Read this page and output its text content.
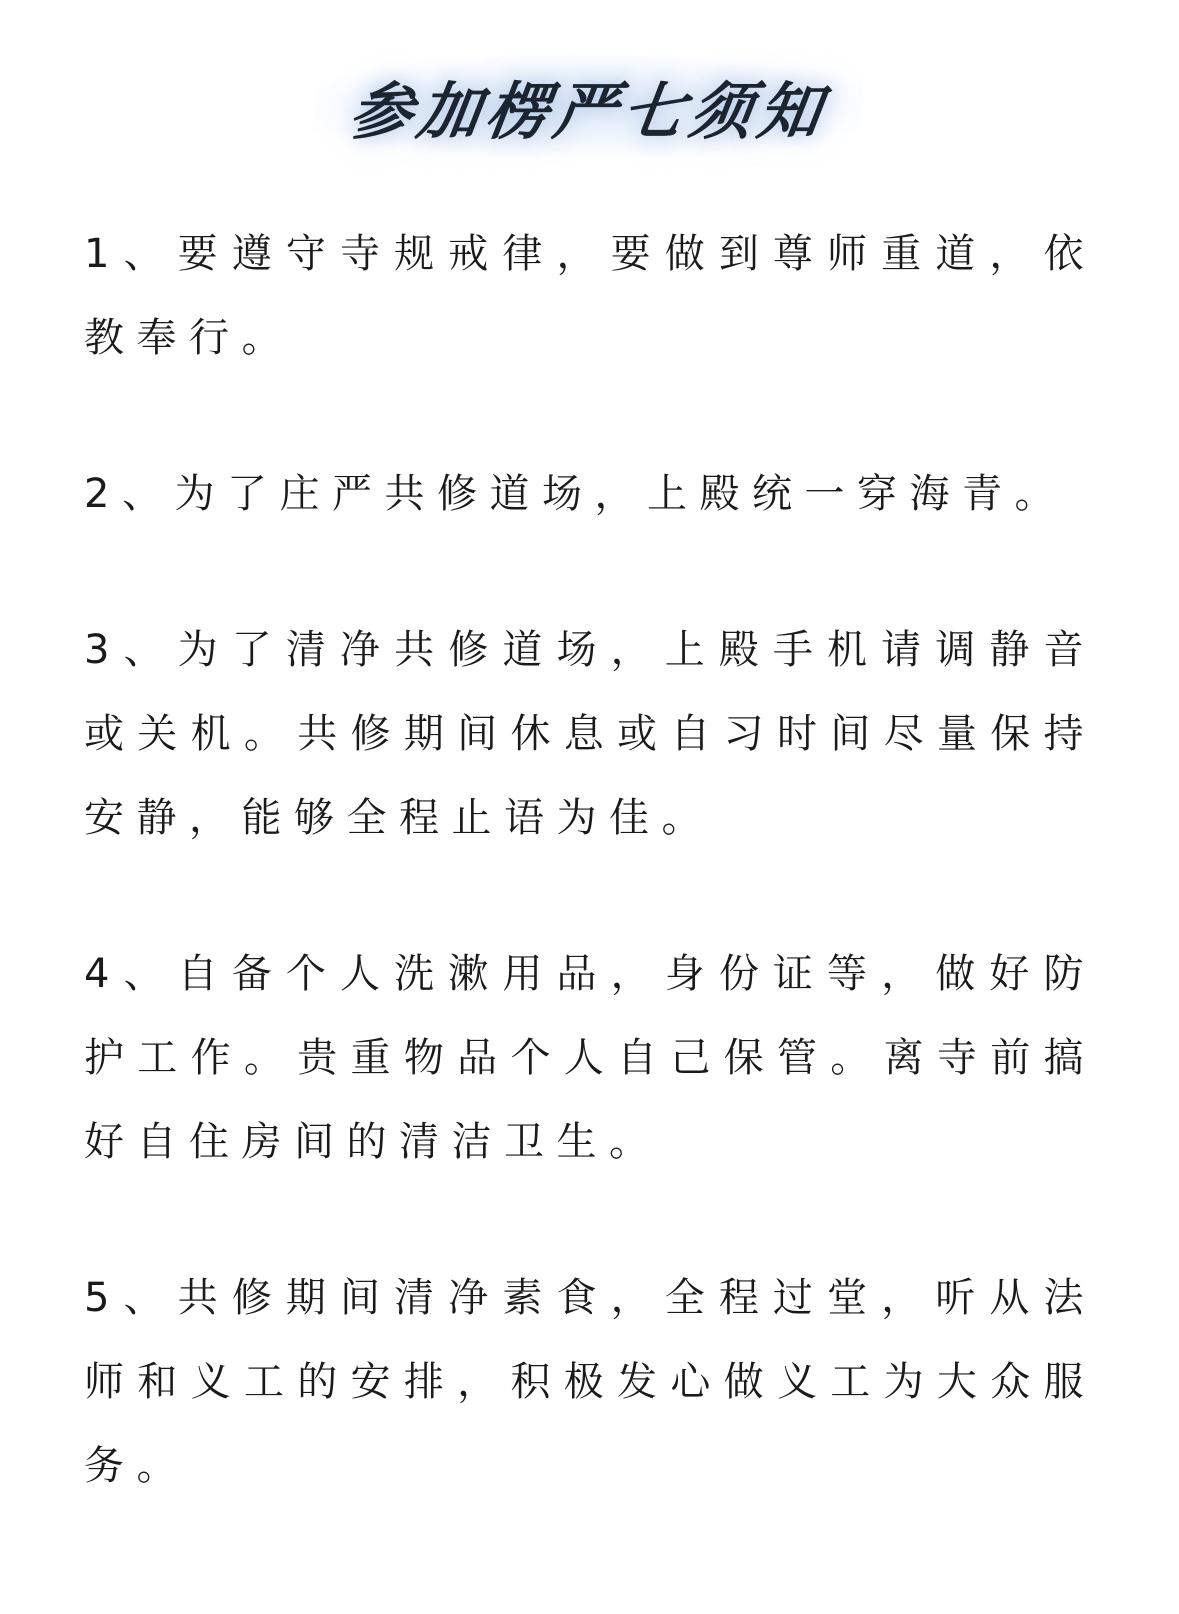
参加楞严七须知

1、要遵守寺规戒律，要做到尊师重道，依教奉行。

2、为了庄严共修道场，上殿统一穿海青。

3、为了清净共修道场，上殿手机请调静音或关机。共修期间休息或自习时间尽量保持安静，能够全程止语为佳。

4、自备个人洗漱用品，身份证等，做好防护工作。贵重物品个人自己保管。离寺前搞好自住房间的清洁卫生。

5、共修期间清净素食，全程过堂，听从法师和义工的安排，积极发心做义工为大众服务。
